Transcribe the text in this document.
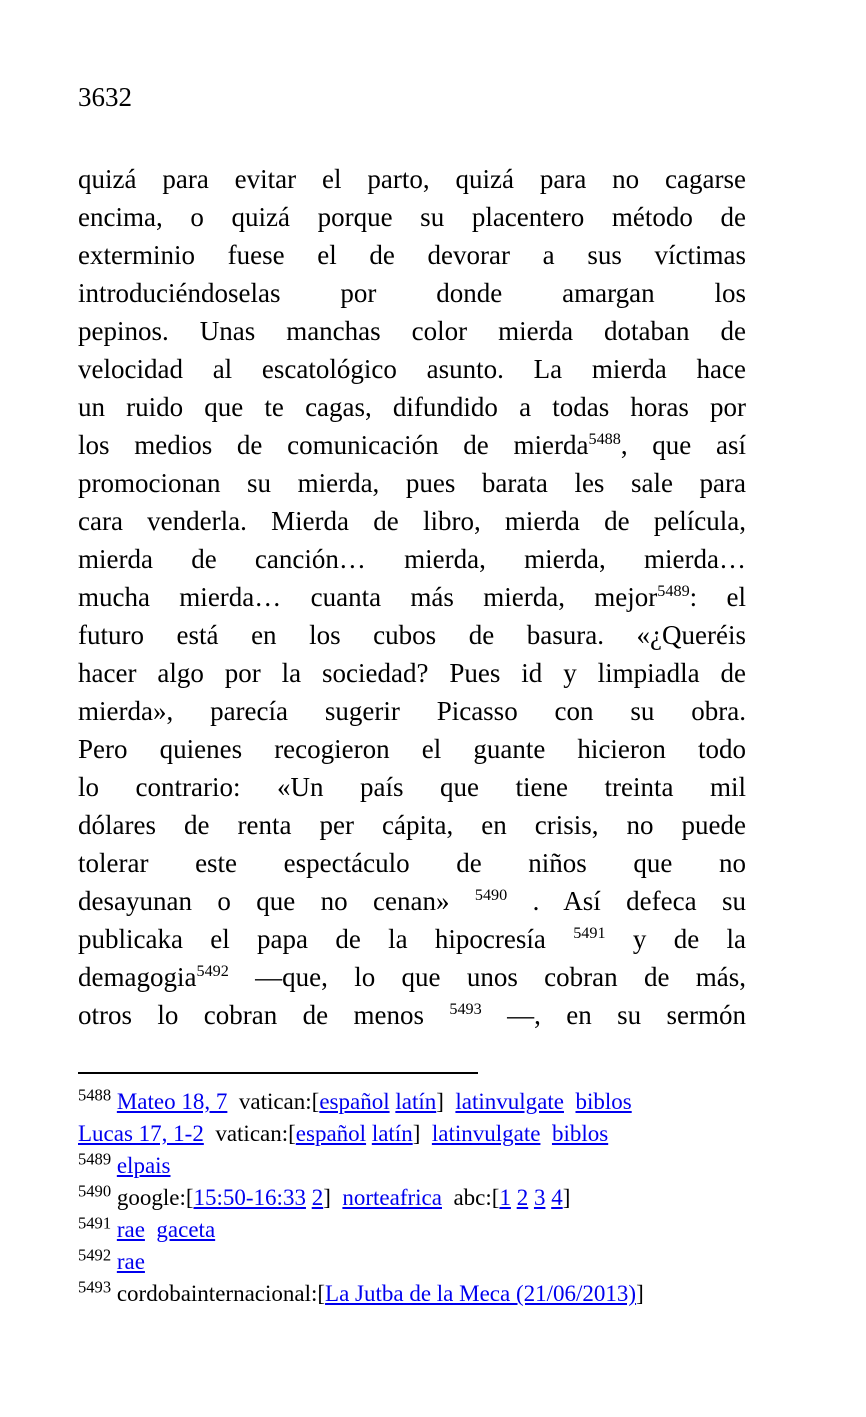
3632
quizá para evitar el parto, quizá para no cagarse
encima, o quizá porque su placentero método de
exterminio fuese el de devorar a sus víctimas
introduciéndoselas por donde amargan los
pepinos. Unas manchas color mierda dotaban de
velocidad al escatológico asunto. La mierda hace
un ruido que te cagas, difundido a todas horas por
los medios de comunicación de mierda$^{5488}$, que así
promocionan su mierda, pues barata les sale para
cara venderla. Mierda de libro, mierda de película,
mierda de canción… mierda, mierda, mierda…
mucha mierda… cuanta más mierda, mejor$^{5489}$: el
futuro está en los cubos de basura. «¿Queréis
hacer algo por la sociedad? Pues id y limpiadla de
mierda», parecía sugerir Picasso con su obra.
Pero quienes recogieron el guante hicieron todo
lo contrario: «Un país que tiene treinta mil
dólares de renta per cápita, en crisis, no puede
tolerar este espectáculo de niños que no
desayunan o que no cenan» $^{5490}$ . Así defeca su
publicaka el papa de la hipocresía $^{5491}$ y de la
demagogia$^{5492}$ —que, lo que unos cobran de más,
otros lo cobran de menos $^{5493}$ —, en su sermón
$^{5488}$ Mateo 18, 7  vatican:[español latín]  latinvulgate biblos
Lucas 17, 1-2  vatican:[español latín]  latinvulgate biblos
$^{5489}$ elpais
$^{5490}$ google:[15:50-16:33 2]  norteafrica  abc:[1 2 3 4]
$^{5491}$ rae gaceta
$^{5492}$ rae
$^{5493}$ cordobainternacional:[La Jutba de la Meca (21/06/2013)]
